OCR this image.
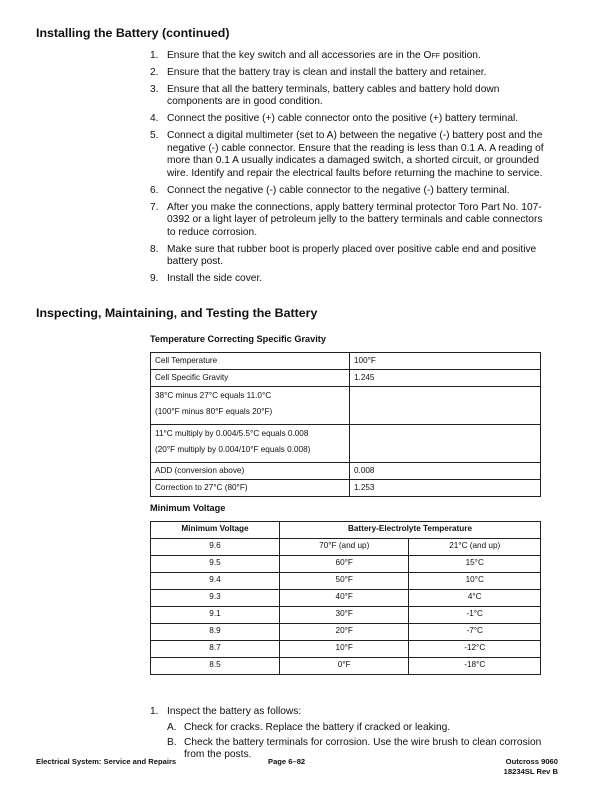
Installing the Battery (continued)
1. Ensure that the key switch and all accessories are in the Off position.
2. Ensure that the battery tray is clean and install the battery and retainer.
3. Ensure that all the battery terminals, battery cables and battery hold down components are in good condition.
4. Connect the positive (+) cable connector onto the positive (+) battery terminal.
5. Connect a digital multimeter (set to A) between the negative (-) battery post and the negative (-) cable connector. Ensure that the reading is less than 0.1 A. A reading of more than 0.1 A usually indicates a damaged switch, a shorted circuit, or grounded wire. Identify and repair the electrical faults before returning the machine to service.
6. Connect the negative (-) cable connector to the negative (-) battery terminal.
7. After you make the connections, apply battery terminal protector Toro Part No. 107-0392 or a light layer of petroleum jelly to the battery terminals and cable connectors to reduce corrosion.
8. Make sure that rubber boot is properly placed over positive cable end and positive battery post.
9. Install the side cover.
Inspecting, Maintaining, and Testing the Battery

Temperature Correcting Specific Gravity

Cell Temperature	100°F
Cell Specific Gravity	1.245

38°C minus 27°C equals 11.0°C
(100°F minus 80°F equals 20°F)	

11°C multiply by 0.004/5.5°C equals 0.008
(20°F multiply by 0.004/10°F equals 0.008)	

ADD (conversion above)	0.008
Correction to 27°C (80°F)	1.253

Minimum Voltage

Minimum Voltage	Battery-Electrolyte Temperature	
9.6	70°F (and up)	21°C (and up)
9.5	60°F	15°C
9.4	50°F	10°C
9.3	40°F	4°C
9.1	30°F	-1°C
8.9	20°F	-7°C
8.7	10°F	-12°C
8.5	0°F	-18°C
1. Inspect the battery as follows:
A. Check for cracks. Replace the battery if cracked or leaking.
B. Check the battery terminals for corrosion. Use the wire brush to clean corrosion from the posts.
Electrical System: Service and Repairs	Page 6–82	Outcross 9060
18234SL Rev B
